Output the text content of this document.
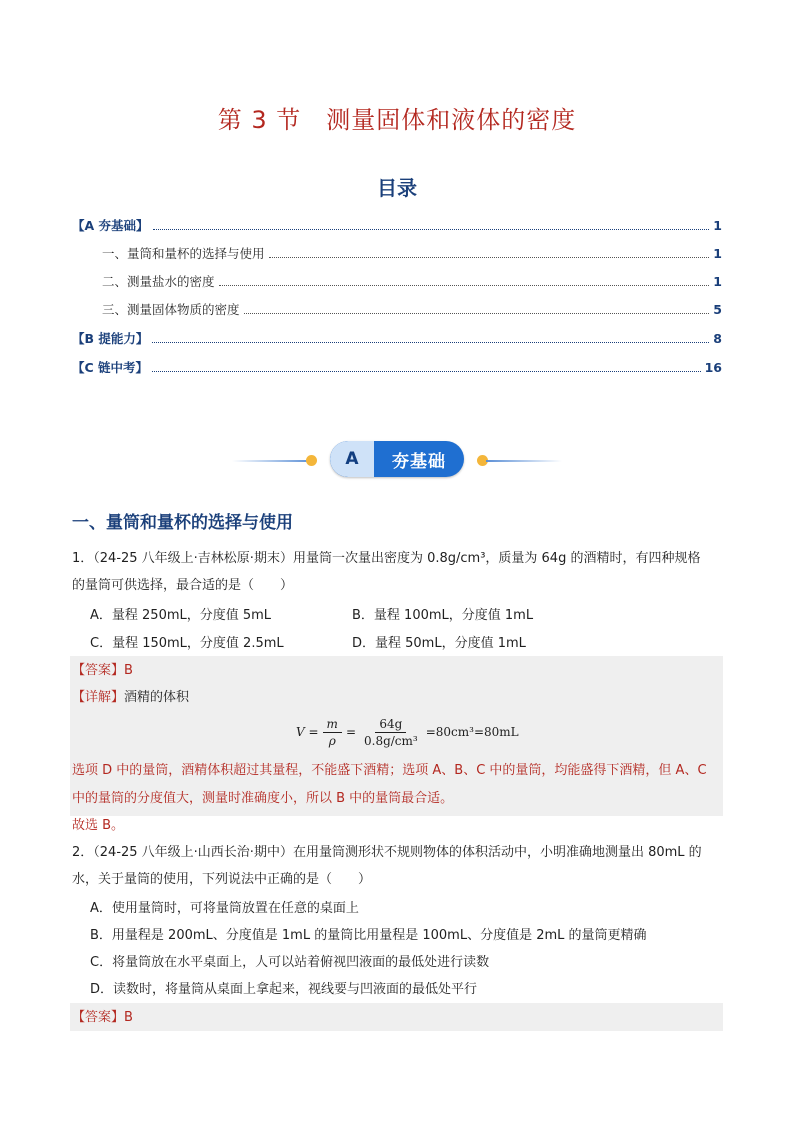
第 3 节　测量固体和液体的密度
目录
【A 夯基础】	1
一、量筒和量杯的选择与使用	1
二、测量盐水的密度	1
三、测量固体物质的密度	5
【B 提能力】	8
【C 链中考】	16
A	夯基础
一、量筒和量杯的选择与使用
1．（24-25 八年级上·吉林松原·期末）用量筒一次量出密度为 0.8g/cm³，质量为 64g 的酒精时，有四种规格
的量筒可供选择，最合适的是（　　）
A．量程 250mL，分度值 5mL	B．量程 100mL，分度值 1mL
C．量程 150mL，分度值 2.5mL	D．量程 50mL，分度值 1mL
【答案】B
【详解】酒精的体积
$V = \frac{m}{\rho} = \frac{64g}{\text{0.8g/cm³}} =80cm^3=80mL$
选项 D 中的量筒，酒精体积超过其量程，不能盛下酒精；选项 A、B、C 中的量筒，均能盛得下酒精，但 A、C
中的量筒的分度值大，测量时准确度小，所以 B 中的量筒最合适。
故选 B。
2．（24-25 八年级上·山西长治·期中）在用量筒测形状不规则物体的体积活动中，小明准确地测量出 80mL 的
水，关于量筒的使用，下列说法中正确的是（　　）
A．使用量筒时，可将量筒放置在任意的桌面上
B．用量程是 200mL、分度值是 1mL 的量筒比用量程是 100mL、分度值是 2mL 的量筒更精确
C．将量筒放在水平桌面上，人可以站着俯视凹液面的最低处进行读数
D．读数时，将量筒从桌面上拿起来，视线要与凹液面的最低处平行
【答案】B
